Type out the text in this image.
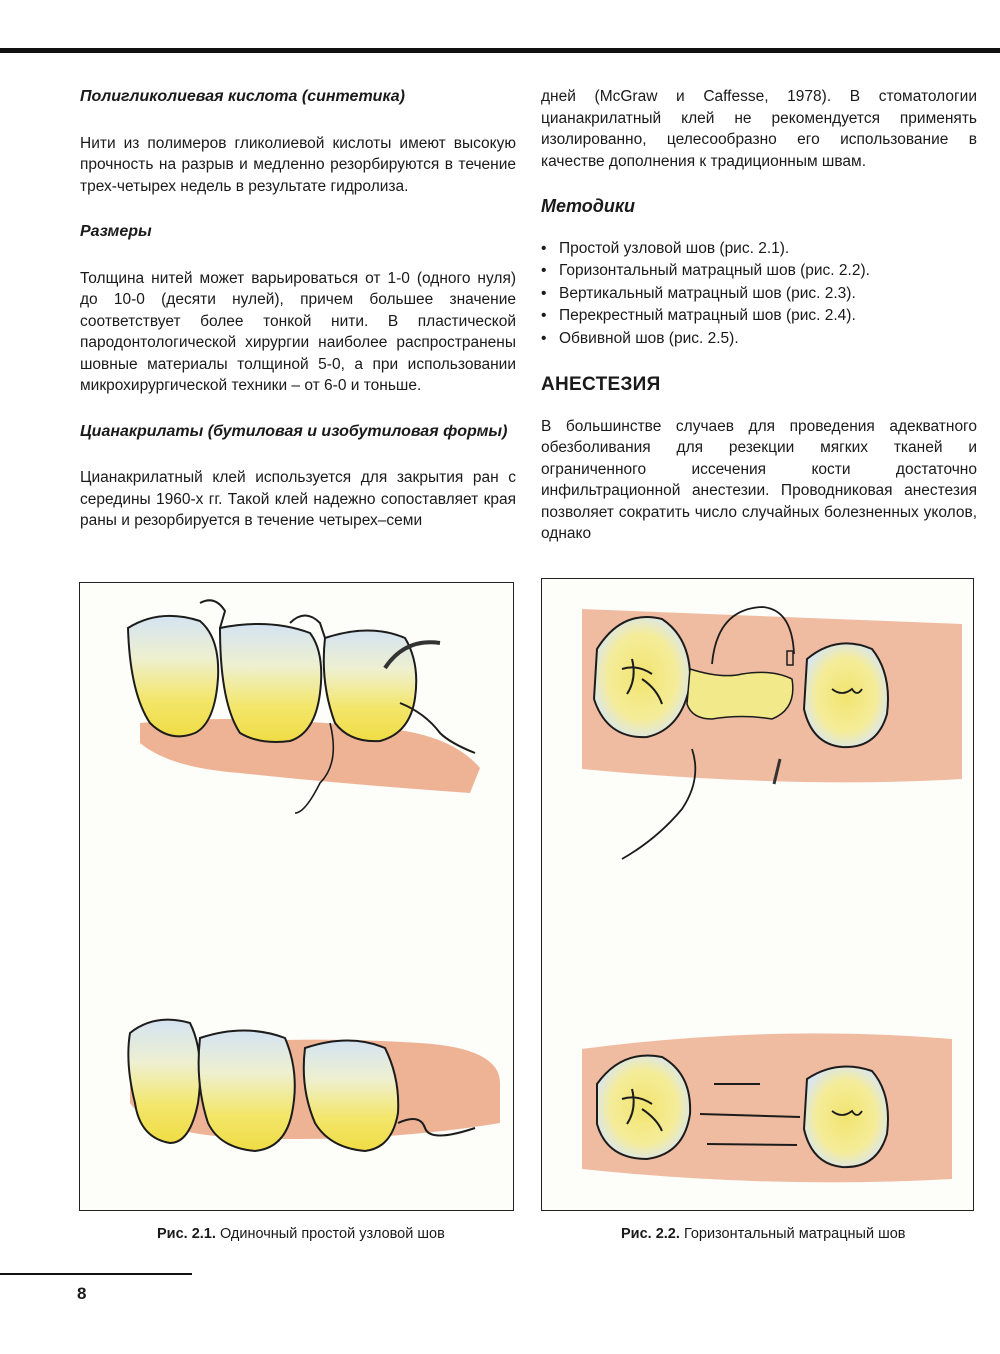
Полигликолиевая кислота (синтетика)

Нити из полимеров гликолиевой кислоты имеют высокую прочность на разрыв и медленно резорбируются в течение трех-четырех недель в результате гидролиза.

Размеры

Толщина нитей может варьироваться от 1-0 (одного нуля) до 10-0 (десяти нулей), причем большее значение соответствует более тонкой нити. В пластической пародонтологической хирургии наиболее распространены шовные материалы толщиной 5-0, а при использовании микрохирургической техники – от 6-0 и тоньше.

Цианакрилаты (бутиловая и изобутиловая формы)

Цианакрилатный клей используется для закрытия ран с середины 1960-х гг. Такой клей надежно сопоставляет края раны и резорбируется в течение четырех–семи

дней (McGraw и Caffesse, 1978). В стоматологии цианакрилатный клей не рекомендуется применять изолированно, целесообразно его использование в качестве дополнения к традиционным швам.

Методики
• Простой узловой шов (рис. 2.1).
• Горизонтальный матрацный шов (рис. 2.2).
• Вертикальный матрацный шов (рис. 2.3).
• Перекрестный матрацный шов (рис. 2.4).
• Обвивной шов (рис. 2.5).
АНЕСТЕЗИЯ

В большинстве случаев для проведения адекватного обезболивания для резекции мягких тканей и ограниченного иссечения кости достаточно инфильтрационной анестезии. Проводниковая анестезия позволяет сократить число случайных болезненных уколов, однако

Рис. 2.1. Одиночный простой узловой шов	Рис. 2.2. Горизонтальный матрацный шов
8
